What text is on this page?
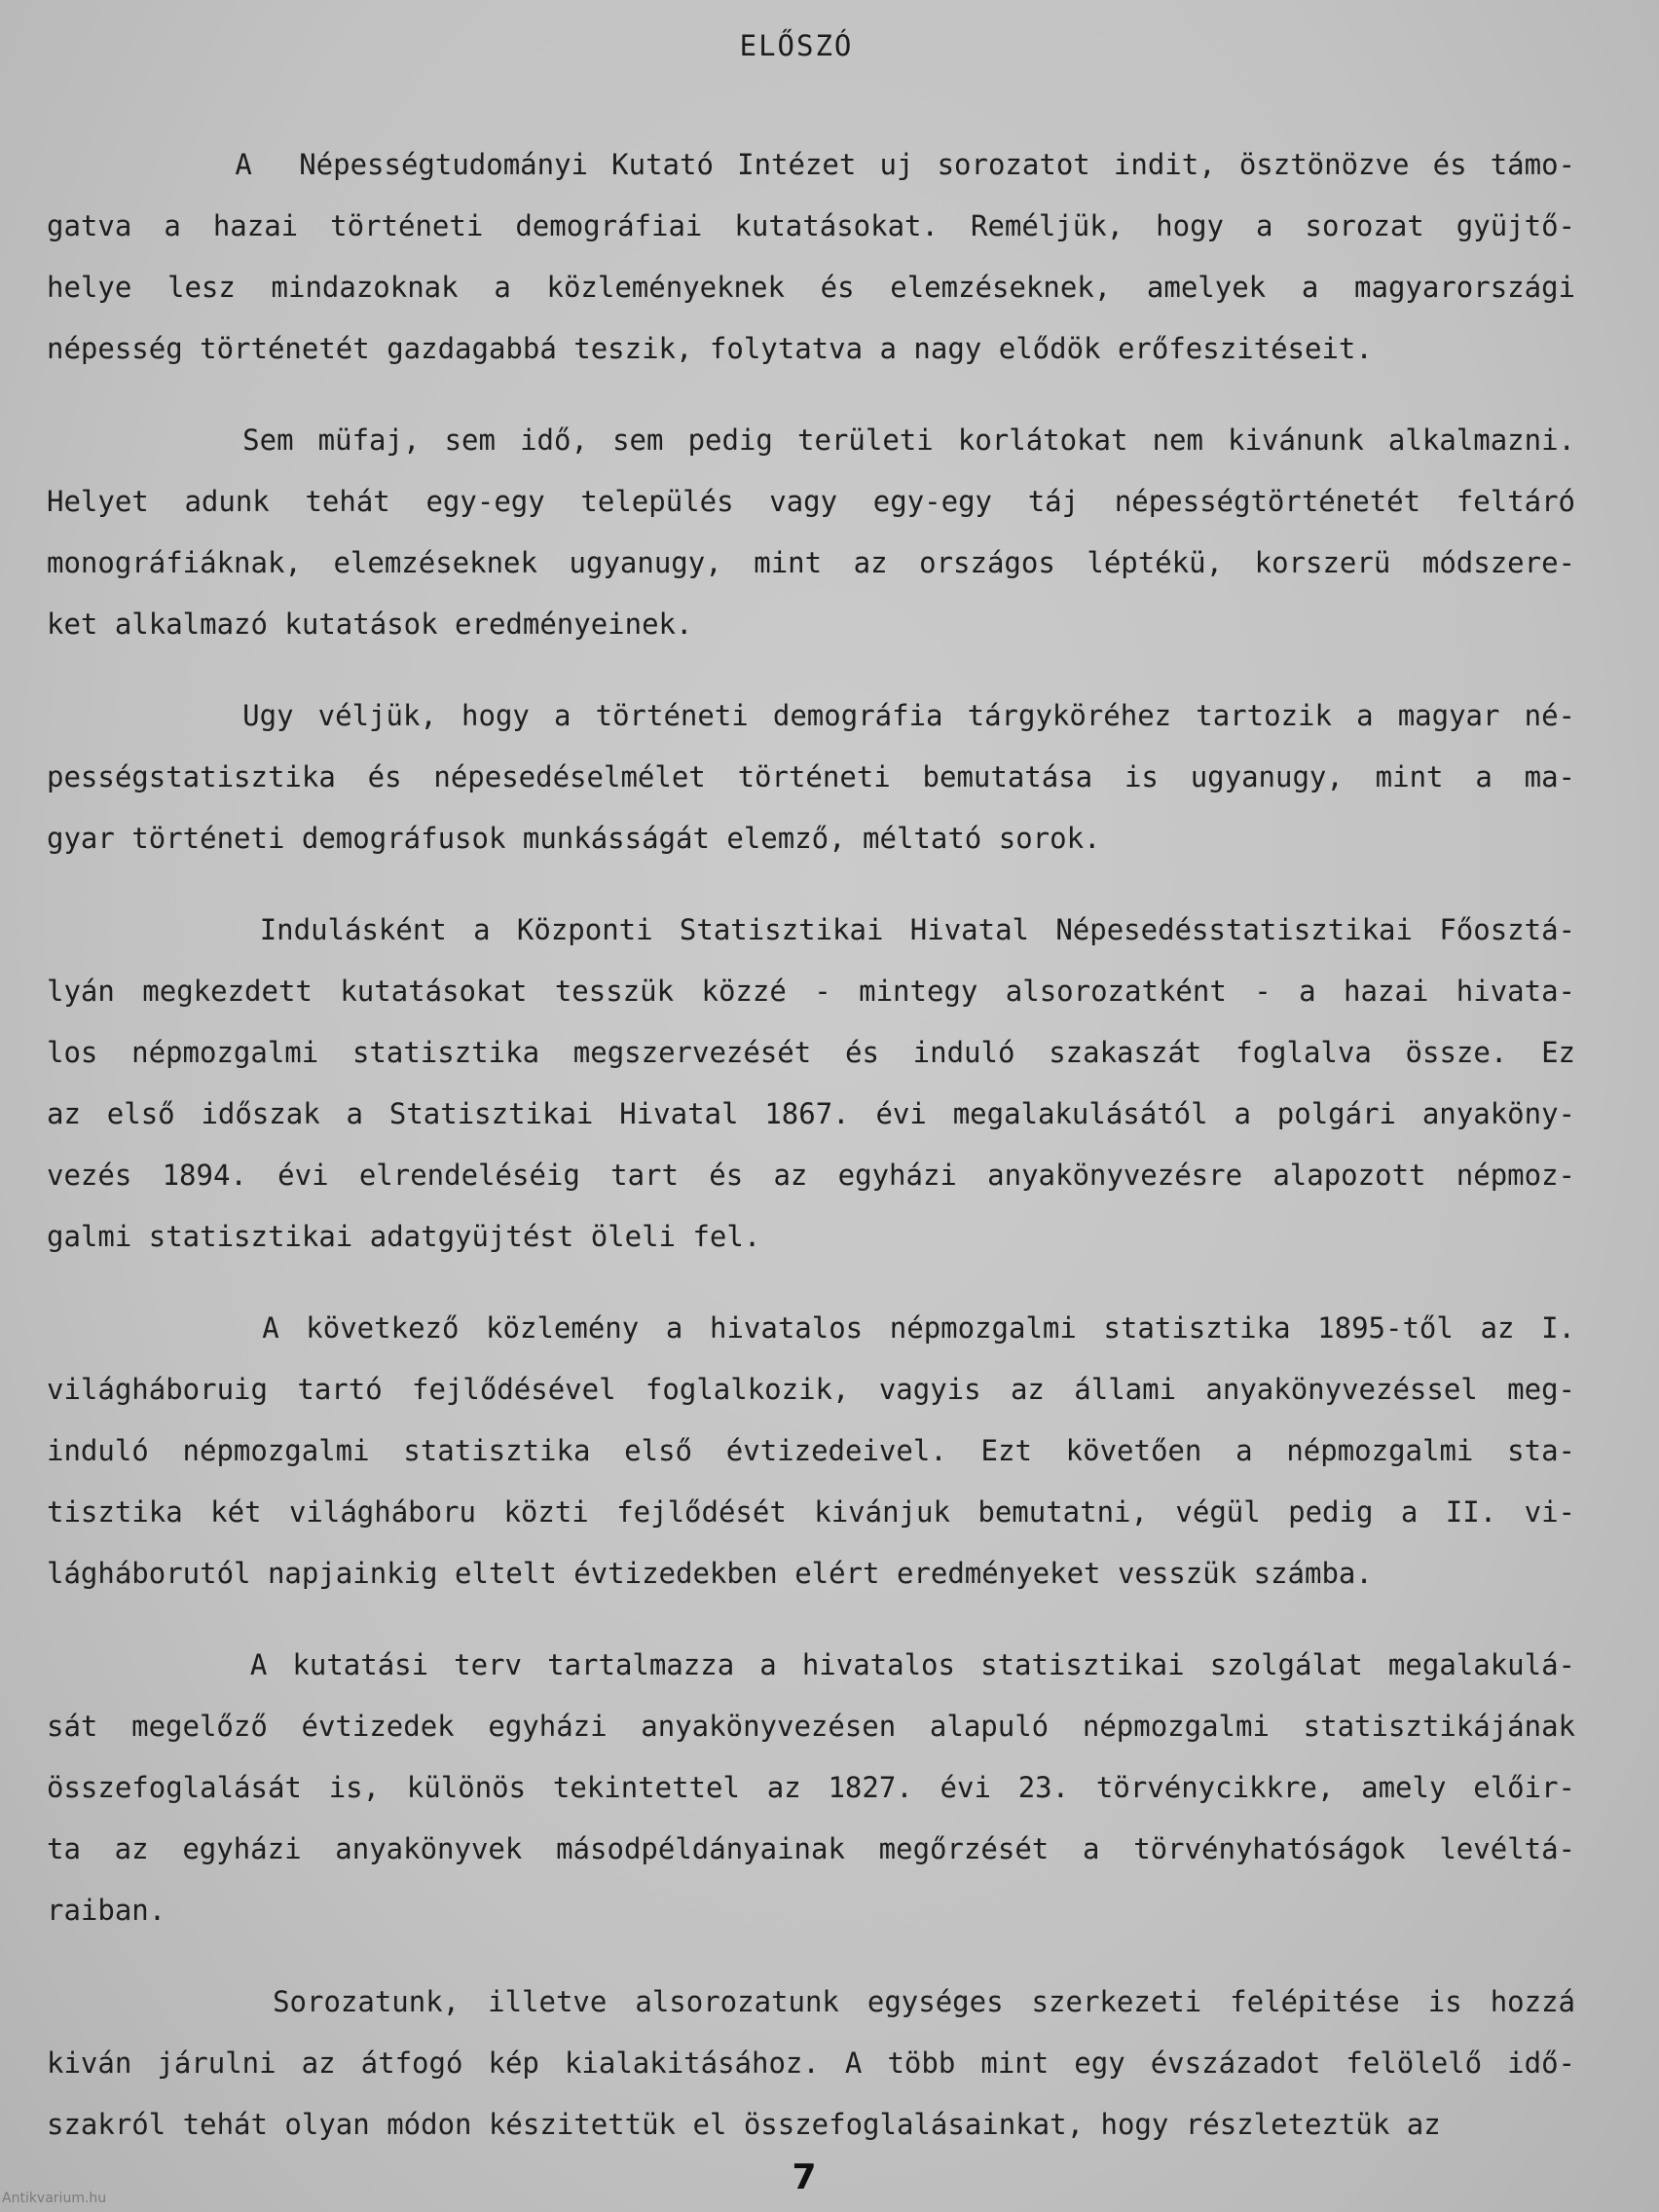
ELŐSZÓ
A  Népességtudományi Kutató Intézet uj sorozatot indit, ösztönözve és támo-
gatva a hazai történeti demográfiai kutatásokat. Reméljük, hogy a sorozat gyüjtő-
helye lesz mindazoknak a közleményeknek és elemzéseknek, amelyek a magyarországi
népesség történetét gazdagabbá teszik, folytatva a nagy elődök erőfeszitéseit.
Sem müfaj, sem idő, sem pedig területi korlátokat nem kivánunk alkalmazni.
Helyet adunk tehát egy-egy település vagy egy-egy táj népességtörténetét feltáró
monográfiáknak, elemzéseknek ugyanugy, mint az országos léptékü, korszerü módszere-
ket alkalmazó kutatások eredményeinek.
Ugy véljük, hogy a történeti demográfia tárgyköréhez tartozik a magyar né-
pességstatisztika és népesedéselmélet történeti bemutatása is ugyanugy, mint a ma-
gyar történeti demográfusok munkásságát elemző, méltató sorok.
Indulásként a Központi Statisztikai Hivatal Népesedésstatisztikai Főosztá-
lyán megkezdett kutatásokat tesszük közzé - mintegy alsorozatként - a hazai hivata-
los népmozgalmi statisztika megszervezését és induló szakaszát foglalva össze. Ez
az első időszak a Statisztikai Hivatal 1867. évi megalakulásától a polgári anyaköny-
vezés 1894. évi elrendeléséig tart és az egyházi anyakönyvezésre alapozott népmoz-
galmi statisztikai adatgyüjtést öleli fel.
A következő közlemény a hivatalos népmozgalmi statisztika 1895-től az I.
világháboruig tartó fejlődésével foglalkozik, vagyis az állami anyakönyvezéssel meg-
induló népmozgalmi statisztika első évtizedeivel. Ezt követően a népmozgalmi sta-
tisztika két világháboru közti fejlődését kivánjuk bemutatni, végül pedig a II. vi-
lágháborutól napjainkig eltelt évtizedekben elért eredményeket vesszük számba.
A kutatási terv tartalmazza a hivatalos statisztikai szolgálat megalakulá-
sát megelőző évtizedek egyházi anyakönyvezésen alapuló népmozgalmi statisztikájának
összefoglalását is, különös tekintettel az 1827. évi 23. törvénycikkre, amely előir-
ta az egyházi anyakönyvek másodpéldányainak megőrzését a törvényhatóságok levéltá-
raiban.
Sorozatunk, illetve alsorozatunk egységes szerkezeti felépitése is hozzá
kiván járulni az átfogó kép kialakitásához. A több mint egy évszázadot felölelő idő-
szakról tehát olyan módon készitettük el összefoglalásainkat, hogy részleteztük az
7
Antikvarium.hu
